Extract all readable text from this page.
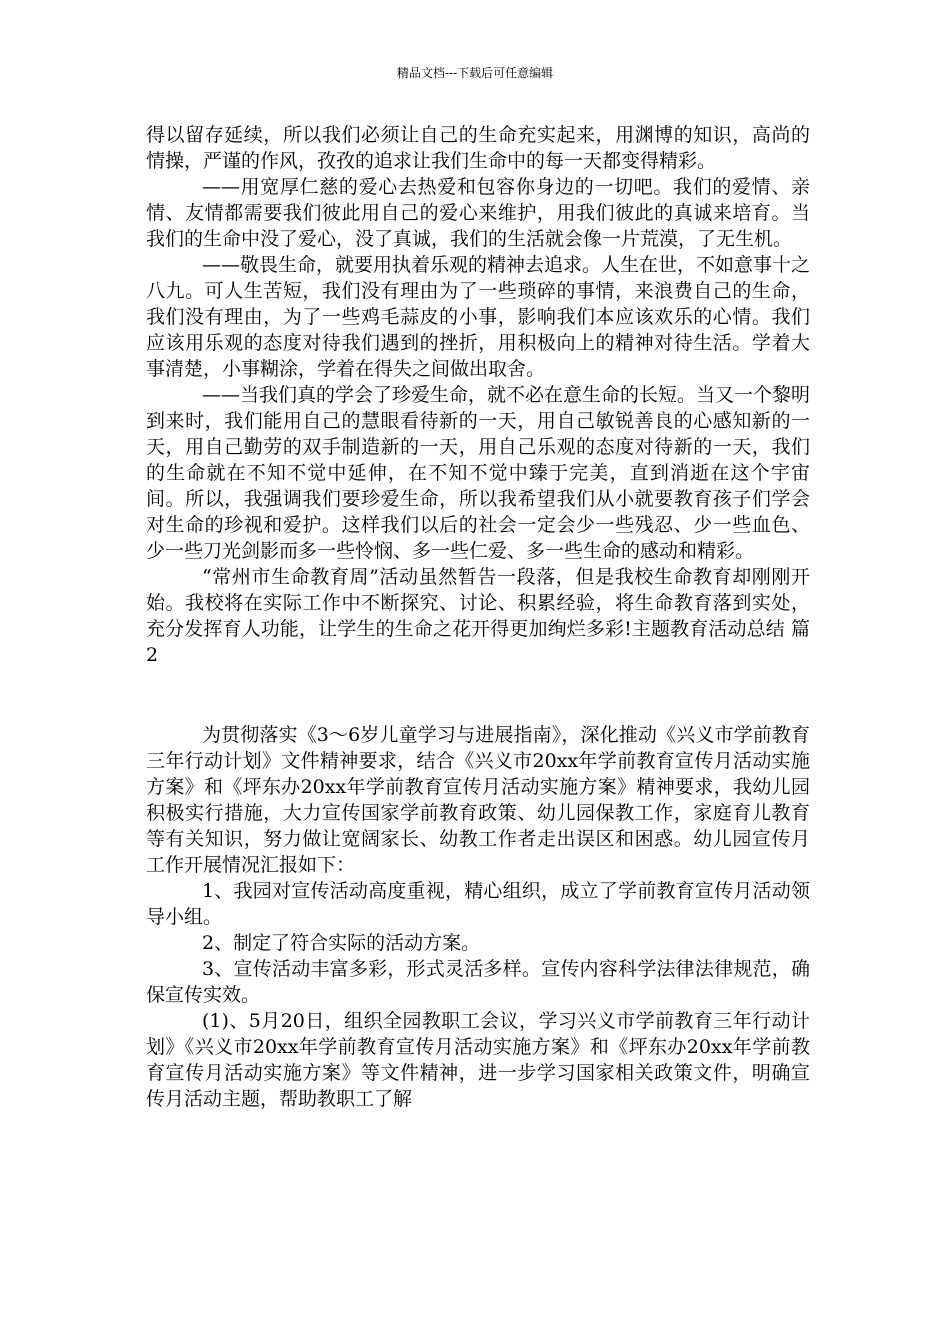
精品文档---下载后可任意编辑

得以留存延续，所以我们必须让自己的生命充实起来，用渊博的知识，高尚的情操，严谨的作风，孜孜的追求让我们生命中的每一天都变得精彩。

——用宽厚仁慈的爱心去热爱和包容你身边的一切吧。我们的爱情、亲情、友情都需要我们彼此用自己的爱心来维护，用我们彼此的真诚来培育。当我们的生命中没了爱心，没了真诚，我们的生活就会像一片荒漠，了无生机。

——敬畏生命，就要用执着乐观的精神去追求。人生在世，不如意事十之八九。可人生苦短，我们没有理由为了一些琐碎的事情，来浪费自己的生命，我们没有理由，为了一些鸡毛蒜皮的小事，影响我们本应该欢乐的心情。我们应该用乐观的态度对待我们遇到的挫折，用积极向上的精神对待生活。学着大事清楚，小事糊涂，学着在得失之间做出取舍。

——当我们真的学会了珍爱生命，就不必在意生命的长短。当又一个黎明到来时，我们能用自己的慧眼看待新的一天，用自己敏锐善良的心感知新的一天，用自己勤劳的双手制造新的一天，用自己乐观的态度对待新的一天，我们的生命就在不知不觉中延伸，在不知不觉中臻于完美，直到消逝在这个宇宙间。所以，我强调我们要珍爱生命，所以我希望我们从小就要教育孩子们学会对生命的珍视和爱护。这样我们以后的社会一定会少一些残忍、少一些血色、少一些刀光剑影而多一些怜悯、多一些仁爱、多一些生命的感动和精彩。

“常州市生命教育周”活动虽然暂告一段落，但是我校生命教育却刚刚开始。我校将在实际工作中不断探究、讨论、积累经验，将生命教育落到实处，充分发挥育人功能，让学生的生命之花开得更加绚烂多彩!主题教育活动总结 篇2

为贯彻落实《3～6岁儿童学习与进展指南》，深化推动《兴义市学前教育三年行动计划》文件精神要求，结合《兴义市20xx年学前教育宣传月活动实施方案》和《坪东办20xx年学前教育宣传月活动实施方案》精神要求，我幼儿园积极实行措施，大力宣传国家学前教育政策、幼儿园保教工作，家庭育儿教育等有关知识，努力做让宽阔家长、幼教工作者走出误区和困惑。幼儿园宣传月工作开展情况汇报如下：

1、我园对宣传活动高度重视，精心组织，成立了学前教育宣传月活动领导小组。

2、制定了符合实际的活动方案。

3、宣传活动丰富多彩，形式灵活多样。宣传内容科学法律法律规范，确保宣传实效。

(1)、5月20日，组织全园教职工会议，学习兴义市学前教育三年行动计划》《兴义市20xx年学前教育宣传月活动实施方案》和《坪东办20xx年学前教育宣传月活动实施方案》等文件精神，进一步学习国家相关政策文件，明确宣传月活动主题，帮助教职工了解
